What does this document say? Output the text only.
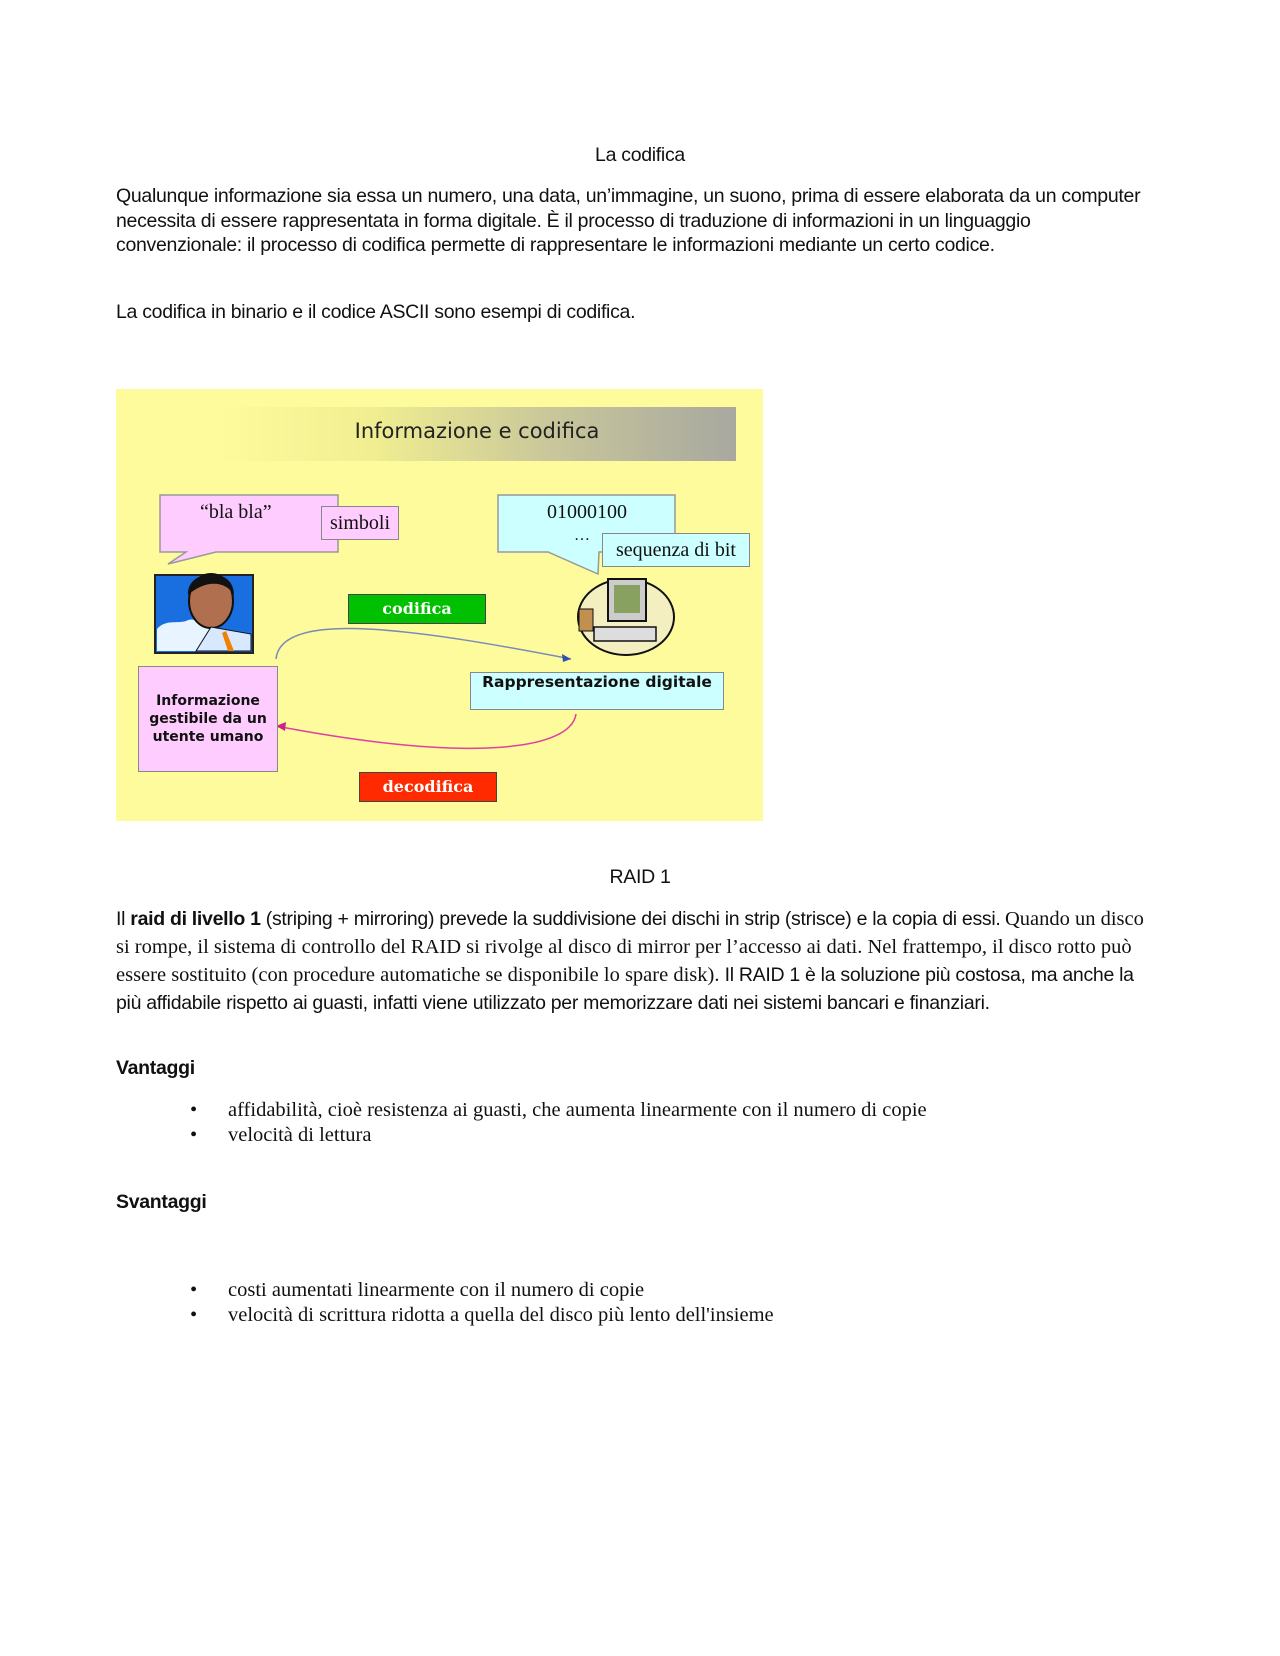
La codifica

Qualunque informazione sia essa un numero, una data, un’immagine, un suono, prima di essere elaborata da un computer necessita di essere rappresentata in forma digitale. È il processo di traduzione di informazioni in un linguaggio convenzionale: il processo di codifica permette di rappresentare le informazioni mediante un certo codice.

La codifica in binario e il codice ASCII sono esempi di codifica.

Informazione e codifica
“bla bla”	simboli	01000100
…
sequenza di bit
codifica
Informazione gestibile da un utente umano
Rappresentazione digitale
decodifica
RAID 1

Il raid di livello 1 (striping + mirroring) prevede la suddivisione dei dischi in strip (strisce) e la copia di essi. Quando un disco si rompe, il sistema di controllo del RAID si rivolge al disco di mirror per l’accesso ai dati. Nel frattempo, il disco rotto può essere sostituito (con procedure automatiche se disponibile lo spare disk). Il RAID 1 è la soluzione più costosa, ma anche la più affidabile rispetto ai guasti, infatti viene utilizzato per memorizzare dati nei sistemi bancari e finanziari.

Vantaggi
• affidabilità, cioè resistenza ai guasti, che aumenta linearmente con il numero di copie
• velocità di lettura
Svantaggi
• costi aumentati linearmente con il numero di copie
• velocità di scrittura ridotta a quella del disco più lento dell'insieme
